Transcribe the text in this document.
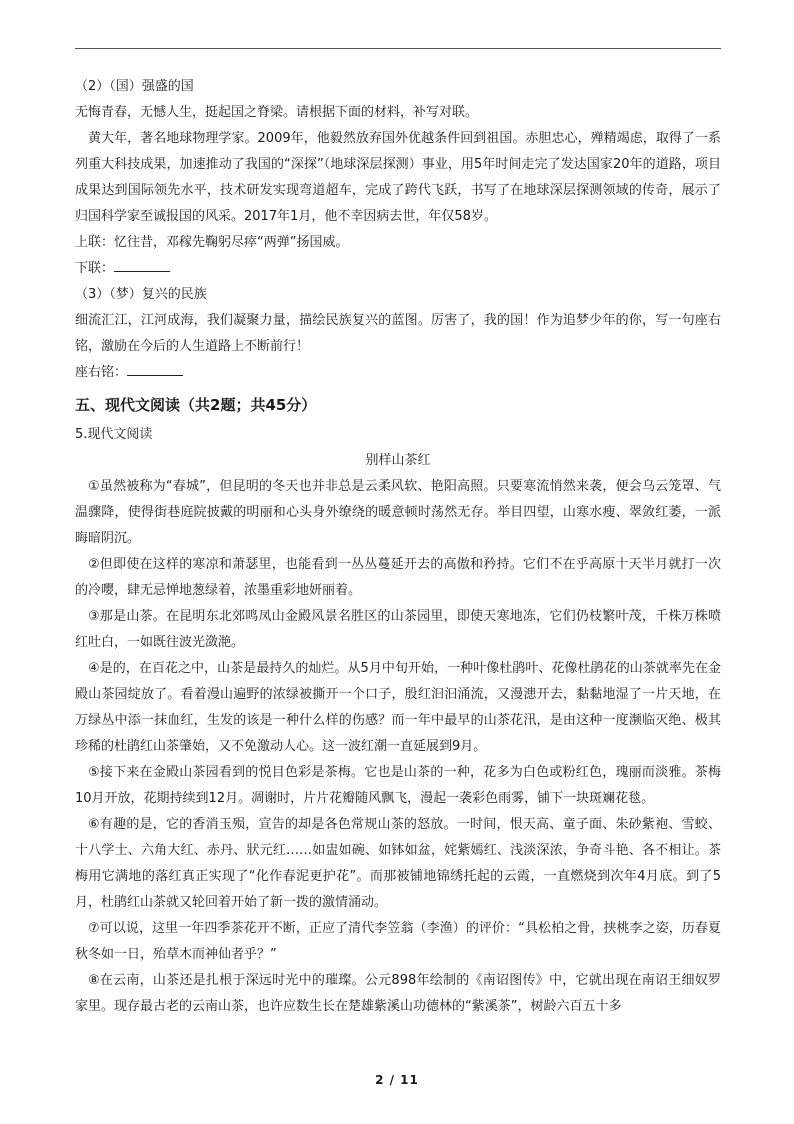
（2）（国）强盛的国

无悔青春，无憾人生，挺起国之脊梁。请根据下面的材料，补写对联。

黄大年，著名地球物理学家。2009年，他毅然放弃国外优越条件回到祖国。赤胆忠心，殚精竭虑，取得了一系列重大科技成果，加速推动了我国的“深探”（地球深层探测）事业，用5年时间走完了发达国家20年的道路，项目成果达到国际领先水平，技术研发实现弯道超车，完成了跨代飞跃，书写了在地球深层探测领域的传奇，展示了归国科学家至诚报国的风采。2017年1月，他不幸因病去世，年仅58岁。

上联：忆往昔，邓稼先鞠躬尽瘁“两弹”扬国威。

下联：

（3）（梦）复兴的民族

细流汇江，江河成海，我们凝聚力量，描绘民族复兴的蓝图。厉害了，我的国！作为追梦少年的你，写一句座右铭，激励在今后的人生道路上不断前行！

座右铭：

五、现代文阅读（共2题；共45分）

5.现代文阅读

别样山茶红

①虽然被称为“春城”，但昆明的冬天也并非总是云柔风软、艳阳高照。只要寒流悄然来袭，便会乌云笼罩、气温骤降，使得街巷庭院披戴的明丽和心头身外缭绕的暖意顿时荡然无存。举目四望，山寒水瘦、翠敛红萎，一派晦暗阴沉。

②但即使在这样的寒凉和萧瑟里，也能看到一丛丛蔓延开去的高傲和矜持。它们不在乎高原十天半月就打一次的冷嘤，肆无忌惮地葱绿着，浓墨重彩地妍丽着。

③那是山茶。在昆明东北郊鸣凤山金殿风景名胜区的山茶园里，即使天寒地冻，它们仍枝繁叶茂，千株万株喷红吐白，一如既往波光潋滟。

④是的，在百花之中，山茶是最持久的灿烂。从5月中旬开始，一种叶像杜鹃叶、花像杜鹃花的山茶就率先在金殿山茶园绽放了。看着漫山遍野的浓绿被撕开一个口子，殷红汩汩涌流，又漫漶开去，黏黏地湿了一片天地，在万绿丛中添一抹血红，生发的该是一种什么样的伤感？而一年中最早的山茶花汛，是由这种一度濒临灭绝、极其珍稀的杜鹃红山茶肇始，又不免激动人心。这一波红潮一直延展到9月。

⑤接下来在金殿山茶园看到的悦目色彩是茶梅。它也是山茶的一种，花多为白色或粉红色，瑰丽而淡雅。茶梅10月开放，花期持续到12月。凋谢时，片片花瓣随风飘飞，漫起一袭彩色雨雾，铺下一块斑斓花毯。

⑥有趣的是，它的香消玉殒，宣告的却是各色常规山茶的怒放。一时间，恨天高、童子面、朱砂紫袍、雪蛟、十八学士、六角大红、赤丹、狀元红……如盅如碗、如钵如盆，姹紫嫣红、浅淡深浓，争奇斗艳、各不相让。茶梅用它满地的落红真正实现了“化作春泥更护花”。而那被铺地锦绣托起的云霞，一直燃烧到次年4月底。到了5月，杜鹃红山茶就又轮回着开始了新一拨的激情涌动。

⑦可以说，这里一年四季茶花开不断，正应了清代李笠翁（李渔）的评价：“具松柏之骨，挟桃李之姿，历春夏秋冬如一日，殆草木而神仙者乎？”

⑧在云南，山茶还是扎根于深远时光中的璀璨。公元898年绘制的《南诏图传》中，它就出现在南诏王细奴罗家里。现存最古老的云南山茶，也许应数生长在楚雄紫溪山功德林的“紫溪茶”，树龄六百五十多

2 / 11
